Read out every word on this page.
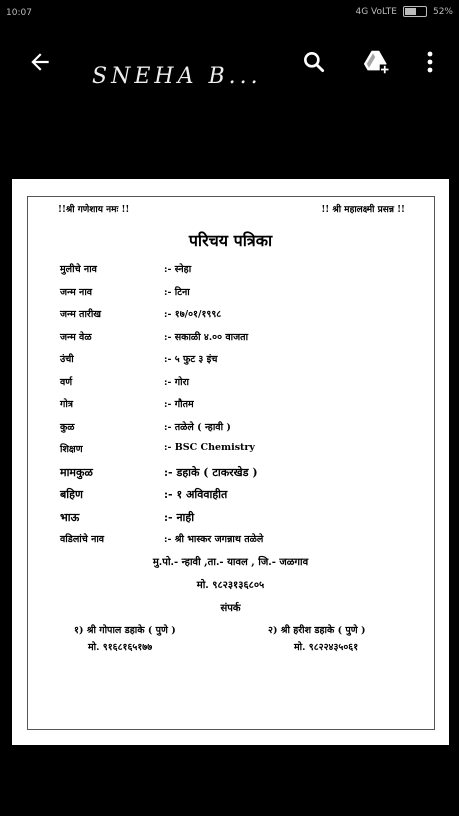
10:07	4G VoLTE	52%
SNEHA B...
!!श्री गणेशाय नमः !!	!! श्री महालक्ष्मी प्रसन्न !!
परिचय पत्रिका
मुलीचे नाव	:- स्नेहा
जन्म नाव	:- टिना
जन्म तारीख	:- १७/०१/१९९८
जन्म वेळ	:- सकाळी ४.०० वाजता
उंची	:- ५ फुट ३ इंच
वर्ण	:- गोरा
गोत्र	:- गौतम
कुळ	:- तळेले ( न्हावी )
शिक्षण	:- BSC Chemistry
मामकुळ	:- डहाके ( टाकरखेड )
बहिण	:- १ अविवाहीत
भाऊ	:- नाही
वडिलांचे नाव	:- श्री भास्कर जगन्नाथ तळेले
मु.पो.- न्हावी ,ता.- यावल , जि.- जळगाव
मो. ९८२३१३६८०५
संपर्क
१) श्री गोपाल डहाके ( पुणे )
मो. ९१६८१६५१७७
२) श्री हरीश डहाके ( पुणे )
मो. ९८२२४३५०६१
